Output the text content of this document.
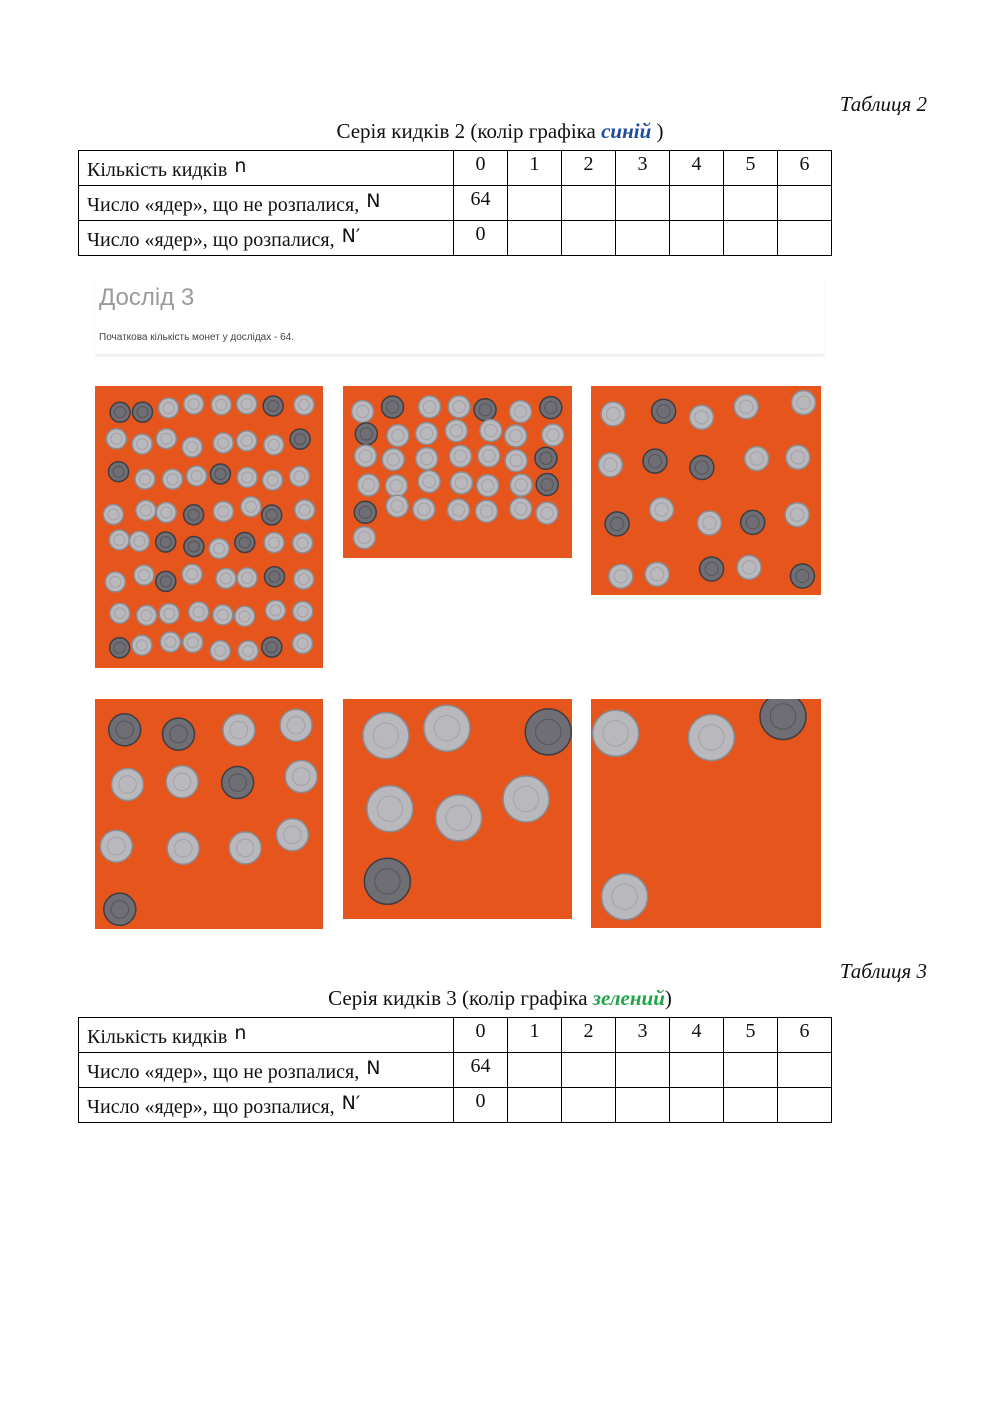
Таблиця 2
Серія кидків 2 (колір графіка синій )
Кількість кидків n	0	1	2	3	4	5	6
Число «ядер», що не розпалися, N	64						
Число «ядер», що розпалися, N′	0						
Дослід 3
Початкова кількість монет у дослідах - 64.
Таблиця 3
Серія кидків 3 (колір графіка зелений)
Кількість кидків n	0	1	2	3	4	5	6
Число «ядер», що не розпалися, N	64						
Число «ядер», що розпалися, N′	0						
